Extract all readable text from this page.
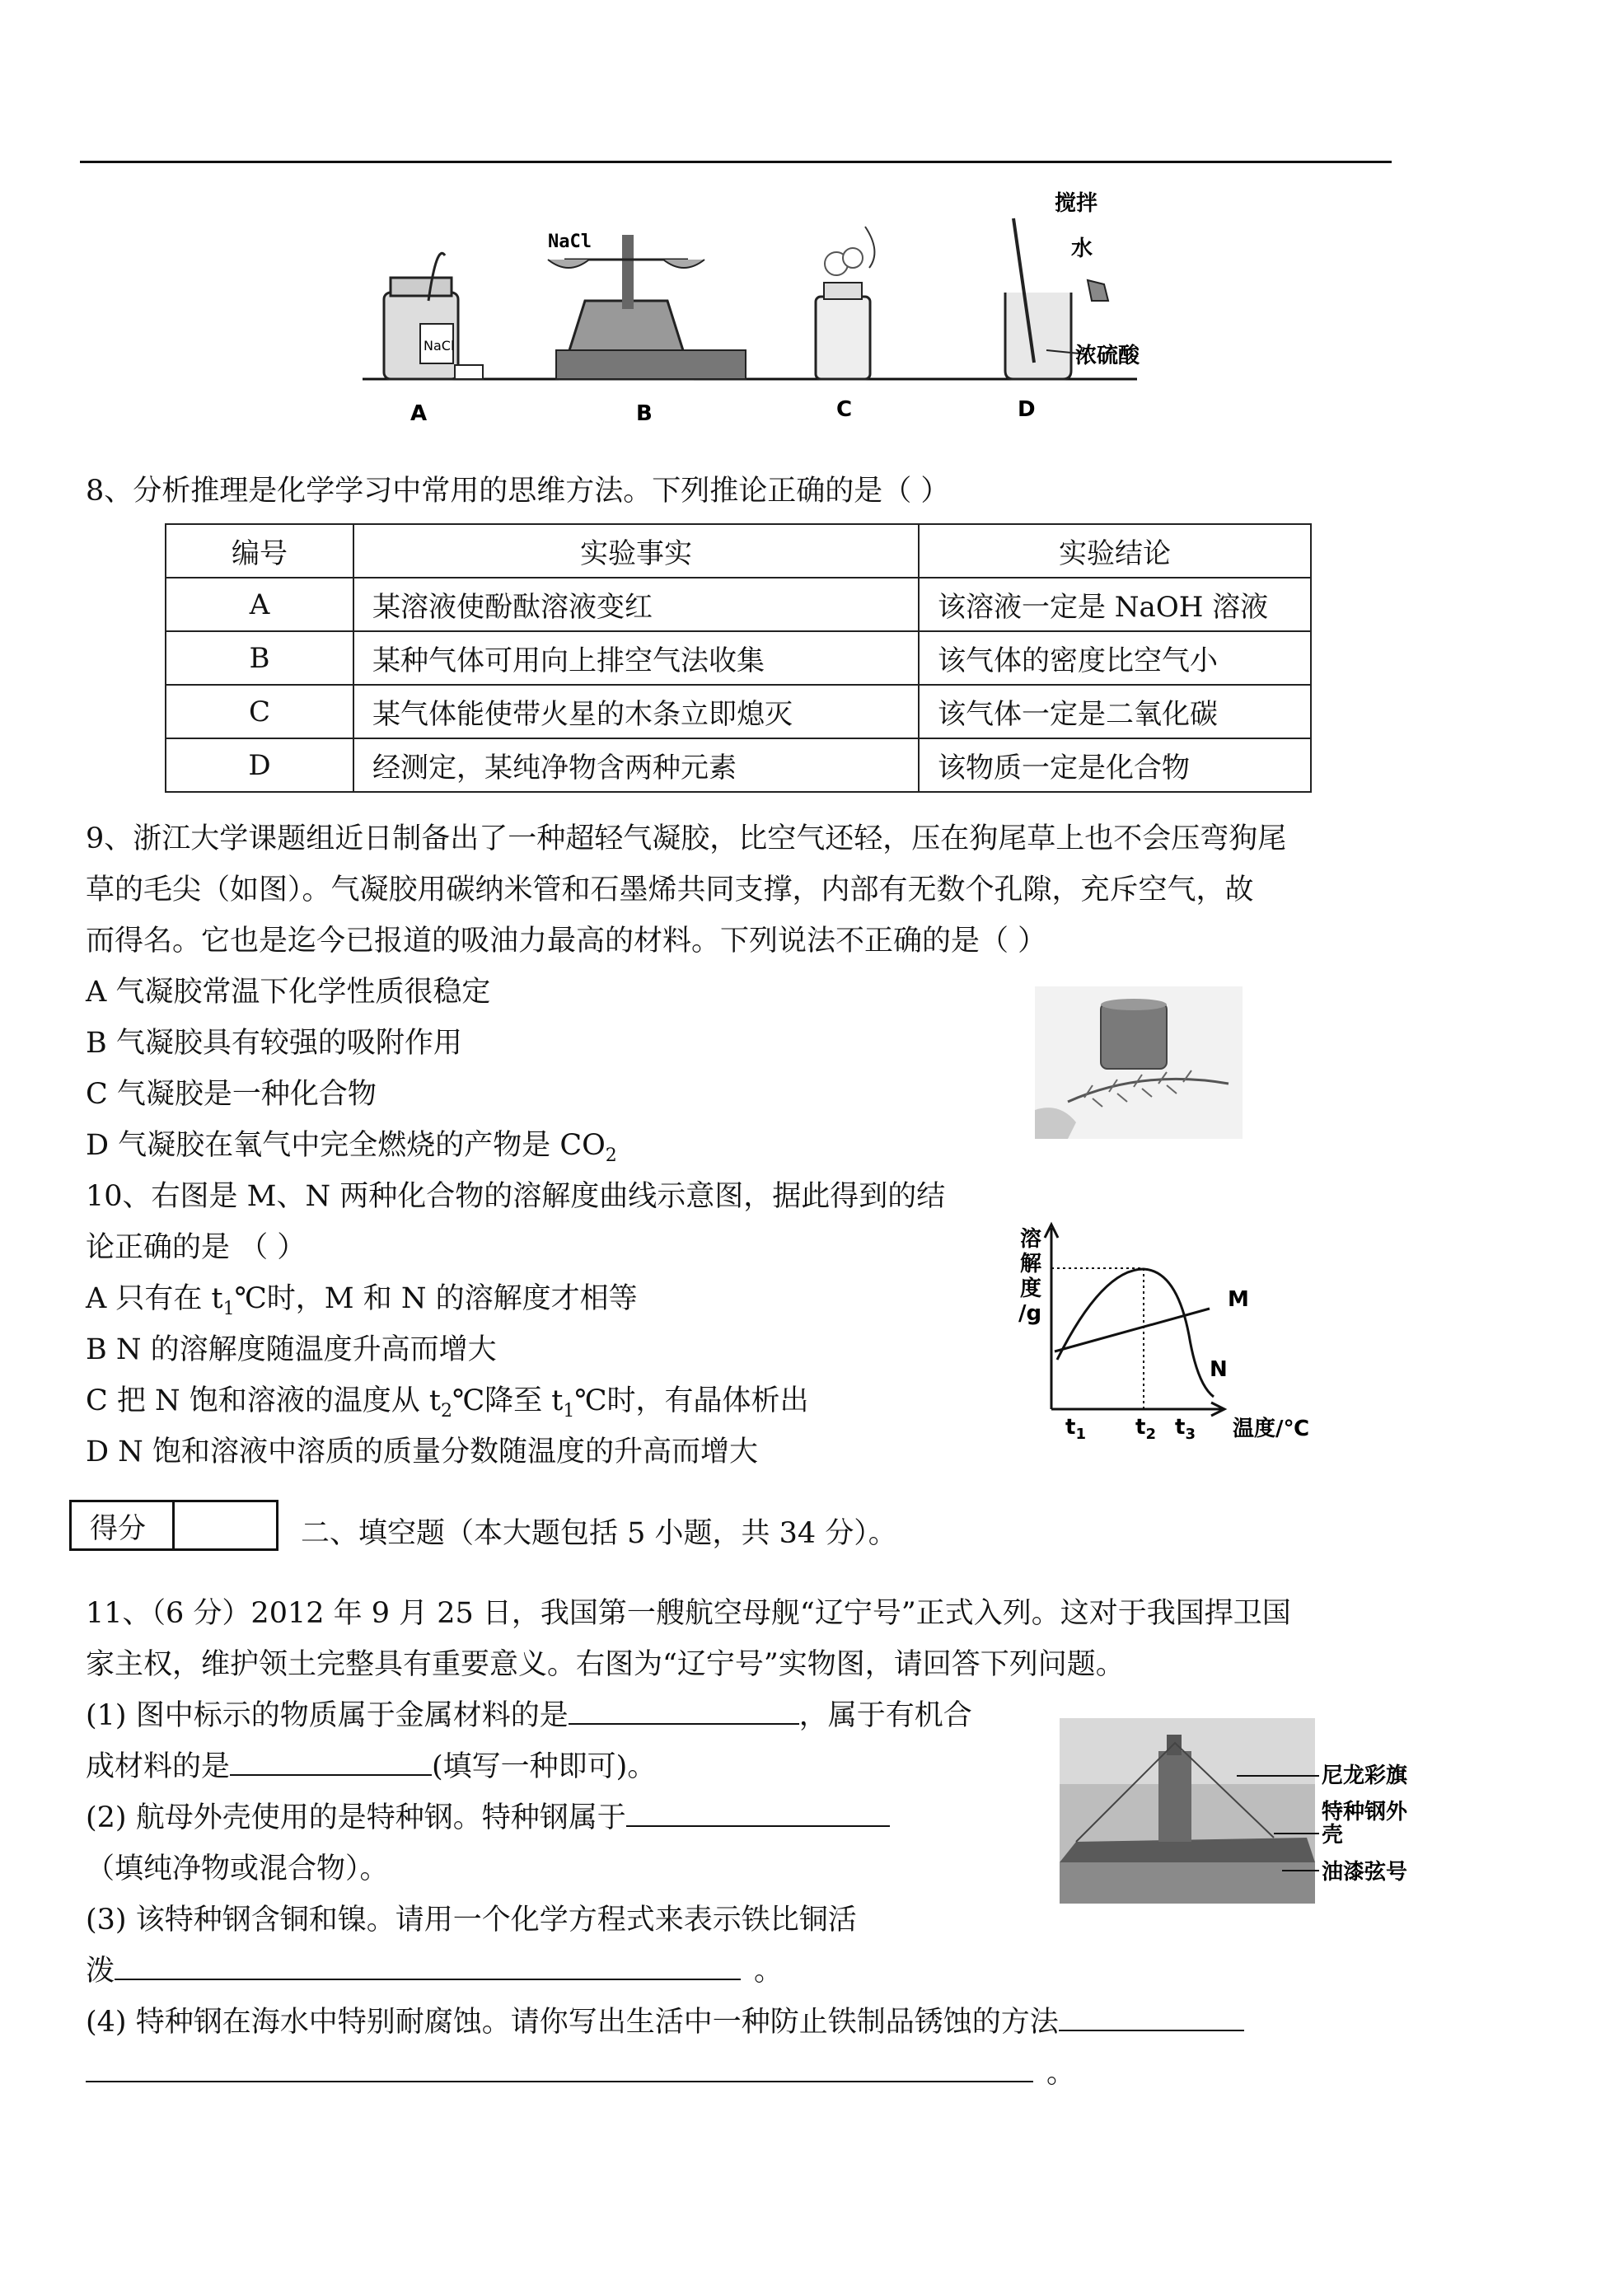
NaCl
NaCl
搅拌
水
浓硫酸
A	B	C	D
8、分析推理是化学学习中常用的思维方法。下列推论正确的是（ ）
编号	实验事实	实验结论
A	某溶液使酚酞溶液变红	该溶液一定是 NaOH 溶液
B	某种气体可用向上排空气法收集	该气体的密度比空气小
C	某气体能使带火星的木条立即熄灭	该气体一定是二氧化碳
D	经测定，某纯净物含两种元素	该物质一定是化合物
9、浙江大学课题组近日制备出了一种超轻气凝胶，比空气还轻，压在狗尾草上也不会压弯狗尾
草的毛尖（如图）。气凝胶用碳纳米管和石墨烯共同支撑，内部有无数个孔隙，充斥空气，故
而得名。它也是迄今已报道的吸油力最高的材料。下列说法不正确的是（ ）
A 气凝胶常温下化学性质很稳定
B 气凝胶具有较强的吸附作用
C 气凝胶是一种化合物
D 气凝胶在氧气中完全燃烧的产物是 $CO_2$
10、右图是 M、N 两种化合物的溶解度曲线示意图，据此得到的结
论正确的是 （ ）
A 只有在 $t_1℃$时，M 和 N 的溶解度才相等
B N 的溶解度随温度升高而增大
C 把 N 饱和溶液的温度从 $t_2℃$降至 $t_1℃$时，有晶体析出
D N 饱和溶液中溶质的质量分数随温度的升高而增大
溶
解
度
/g
M
N
$t_1$ $t_2$ $t_3$ 温度/℃
得分	二、填空题（本大题包括 5 小题，共 34 分）。
11、（6 分）2012 年 9 月 25 日，我国第一艘航空母舰“辽宁号”正式入列。这对于我国捍卫国
家主权，维护领土完整具有重要意义。右图为“辽宁号”实物图，请回答下列问题。
(1) 图中标示的物质属于金属材料的是	，属于有机合
成材料的是	(填写一种即可)。
(2) 航母外壳使用的是特种钢。特种钢属于
（填纯净物或混合物）。
(3) 该特种钢含铜和镍。请用一个化学方程式来表示铁比铜活
泼	。
(4) 特种钢在海水中特别耐腐蚀。请你写出生活中一种防止铁制品锈蚀的方法
。
尼龙彩旗
特种钢外
壳
油漆弦号
